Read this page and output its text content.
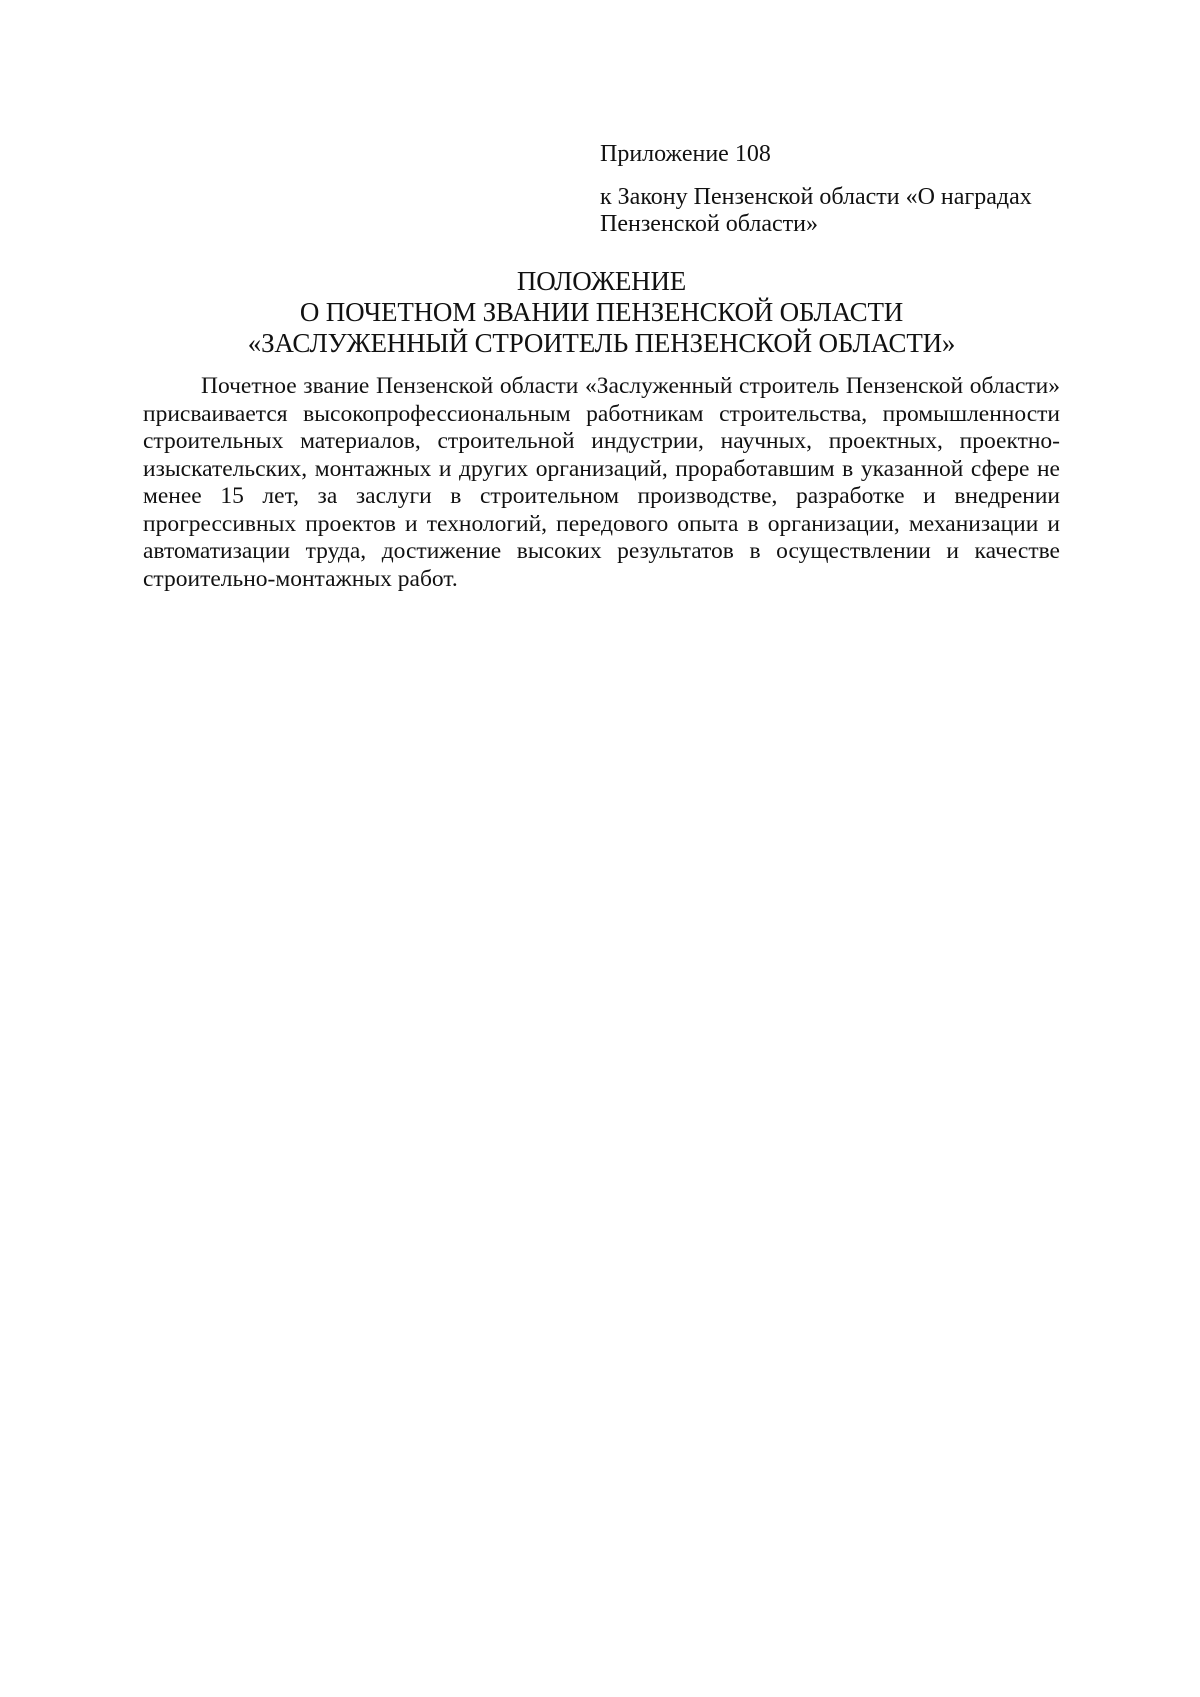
Приложение 108

к Закону Пензенской области «О наградах Пензенской области»

ПОЛОЖЕНИЕ
О ПОЧЕТНОМ ЗВАНИИ ПЕНЗЕНСКОЙ ОБЛАСТИ
«ЗАСЛУЖЕННЫЙ СТРОИТЕЛЬ ПЕНЗЕНСКОЙ ОБЛАСТИ»

Почетное звание Пензенской области «Заслуженный строитель Пензенской области» присваивается высокопрофессиональным работникам строительства, промышленности строительных материалов, строительной индустрии, научных, проектных, проектно-изыскательских, монтажных и других организаций, проработавшим в указанной сфере не менее 15 лет, за заслуги в строительном производстве, разработке и внедрении прогрессивных проектов и технологий, передового опыта в организации, механизации и автоматизации труда, достижение высоких результатов в осуществлении и качестве строительно-монтажных работ.
